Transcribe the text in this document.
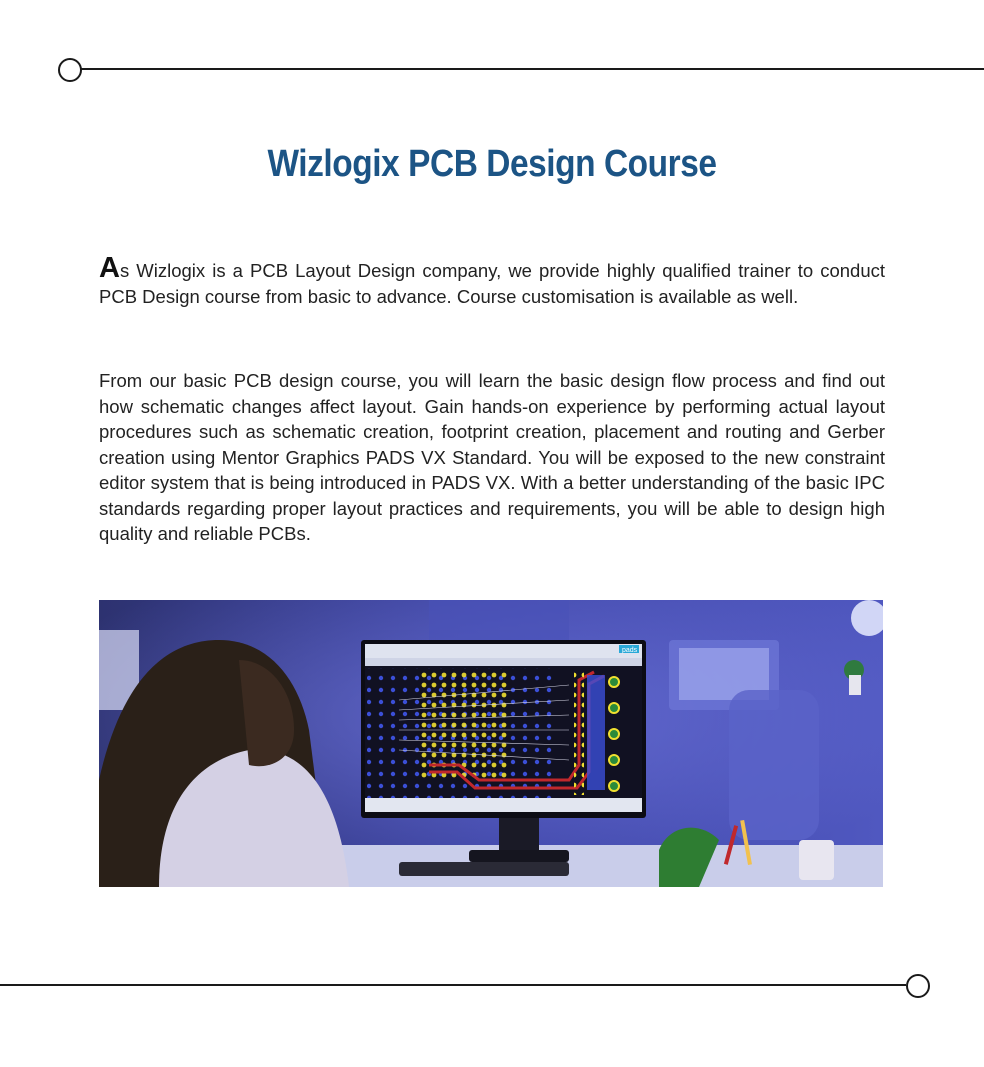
Wizlogix PCB Design Course

As Wizlogix is a PCB Layout Design company, we provide highly qualified trainer to conduct PCB Design course from basic to advance. Course customisation is available as well.

From our basic PCB design course, you will learn the basic design flow process and find out how schematic changes affect layout. Gain hands-on experience by performing actual layout procedures such as schematic creation, footprint creation, placement and routing and Gerber creation using Mentor Graphics PADS VX Standard. You will be exposed to the new constraint editor system that is being introduced in PADS VX. With a better understanding of the basic IPC standards regarding proper layout practices and requirements, you will be able to design high quality and reliable PCBs.

pads
